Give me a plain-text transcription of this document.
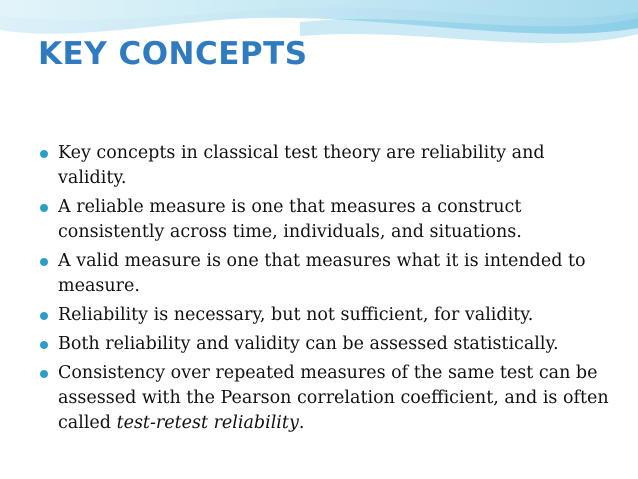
KEY CONCEPTS
Key concepts in classical test theory are reliability and validity.
A reliable measure is one that measures a construct consistently across time, individuals, and situations.
A valid measure is one that measures what it is intended to measure.
Reliability is necessary, but not sufficient, for validity.
Both reliability and validity can be assessed statistically.
Consistency over repeated measures of the same test can be assessed with the Pearson correlation coefficient, and is often called test-retest reliability.
